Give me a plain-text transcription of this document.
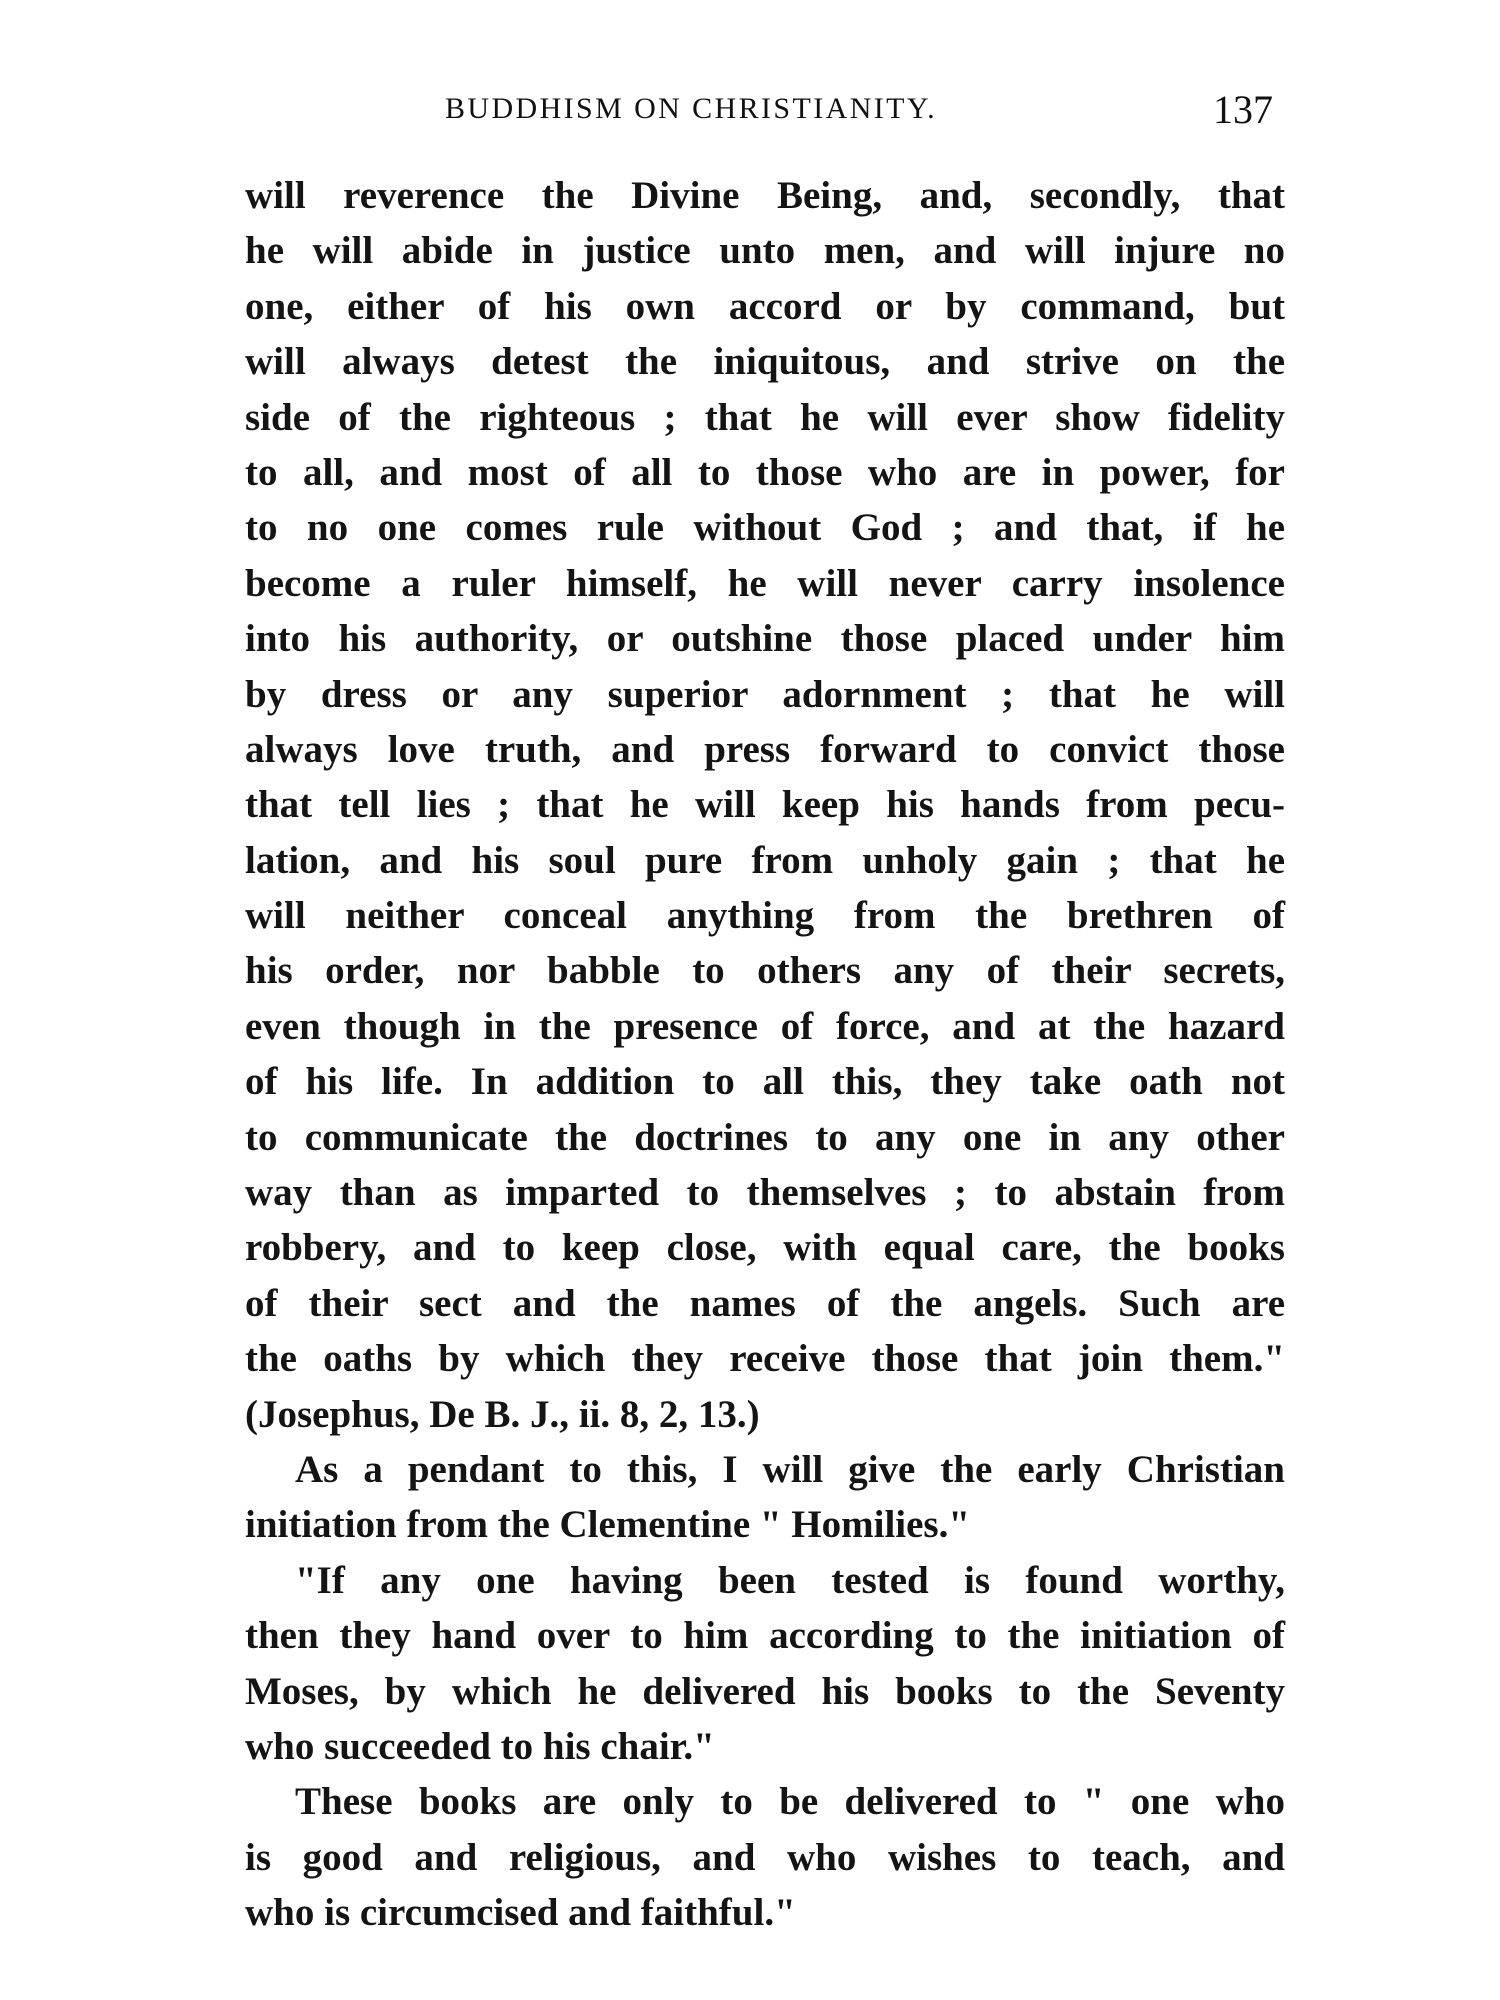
BUDDHISM ON CHRISTIANITY.	137
will reverence the Divine Being, and, secondly, that
he will abide in justice unto men, and will injure no
one, either of his own accord or by command, but
will always detest the iniquitous, and strive on the
side of the righteous ; that he will ever show fidelity
to all, and most of all to those who are in power, for
to no one comes rule without God ; and that, if he
become a ruler himself, he will never carry insolence
into his authority, or outshine those placed under him
by dress or any superior adornment ; that he will
always love truth, and press forward to convict those
that tell lies ; that he will keep his hands from pecu-
lation, and his soul pure from unholy gain ; that he
will neither conceal anything from the brethren of
his order, nor babble to others any of their secrets,
even though in the presence of force, and at the hazard
of his life. In addition to all this, they take oath not
to communicate the doctrines to any one in any other
way than as imparted to themselves ; to abstain from
robbery, and to keep close, with equal care, the books
of their sect and the names of the angels. Such are
the oaths by which they receive those that join them."
(Josephus, De B. J., ii. 8, 2, 13.)
As a pendant to this, I will give the early Christian
initiation from the Clementine " Homilies."
"If any one having been tested is found worthy,
then they hand over to him according to the initiation of
Moses, by which he delivered his books to the Seventy
who succeeded to his chair."
These books are only to be delivered to " one who
is good and religious, and who wishes to teach, and
who is circumcised and faithful."
